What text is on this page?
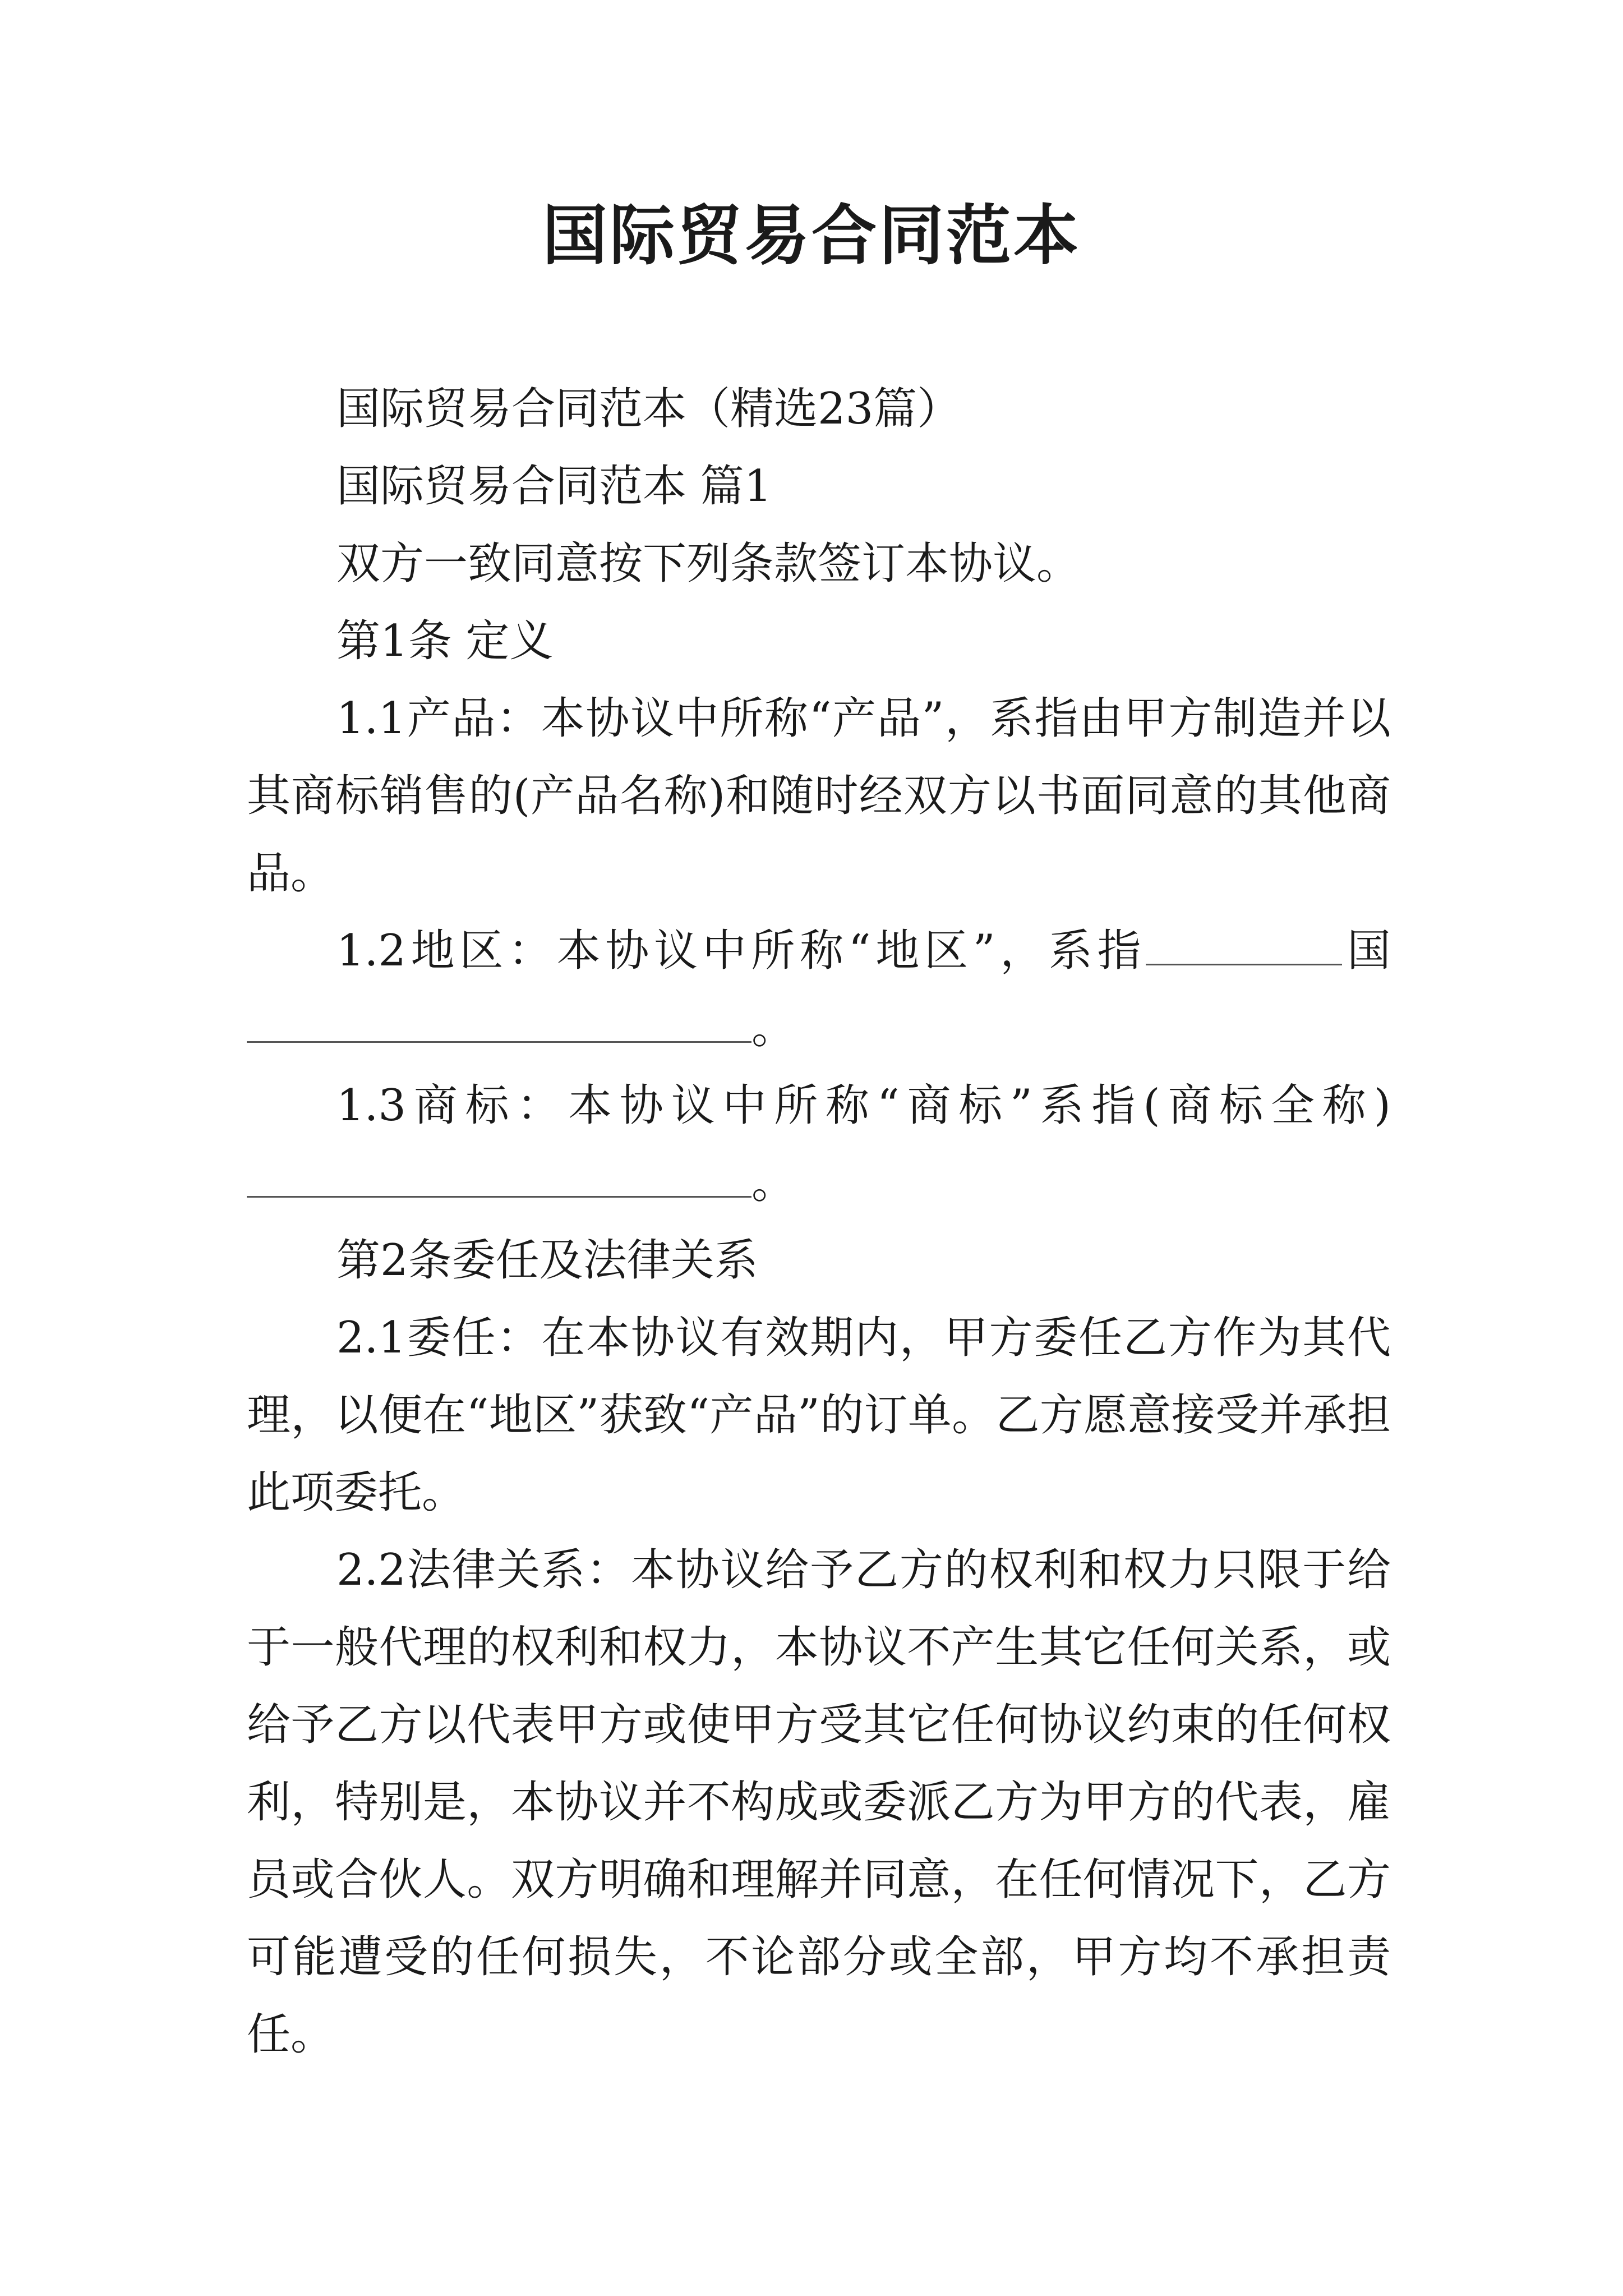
国际贸易合同范本

国际贸易合同范本（精选23篇）

国际贸易合同范本 篇1

双方一致同意按下列条款签订本协议。

第1条 定义

1.1产品：本协议中所称“产品”，系指由甲方制造并以其商标销售的(产品名称)和随时经双方以书面同意的其他商品。

1.2地区：本协议中所称“地区”，系指	国。

1.3商标：本协议中所称“商标”系指(商标全称)。

第2条委任及法律关系

2.1委任：在本协议有效期内，甲方委任乙方作为其代理，以便在“地区”获致“产品”的订单。乙方愿意接受并承担此项委托。

2.2法律关系：本协议给予乙方的权利和权力只限于给于一般代理的权利和权力，本协议不产生其它任何关系，或给予乙方以代表甲方或使甲方受其它任何协议约束的任何权利，特别是，本协议并不构成或委派乙方为甲方的代表，雇员或合伙人。双方明确和理解并同意，在任何情况下，乙方可能遭受的任何损失，不论部分或全部，甲方均不承担责任。
